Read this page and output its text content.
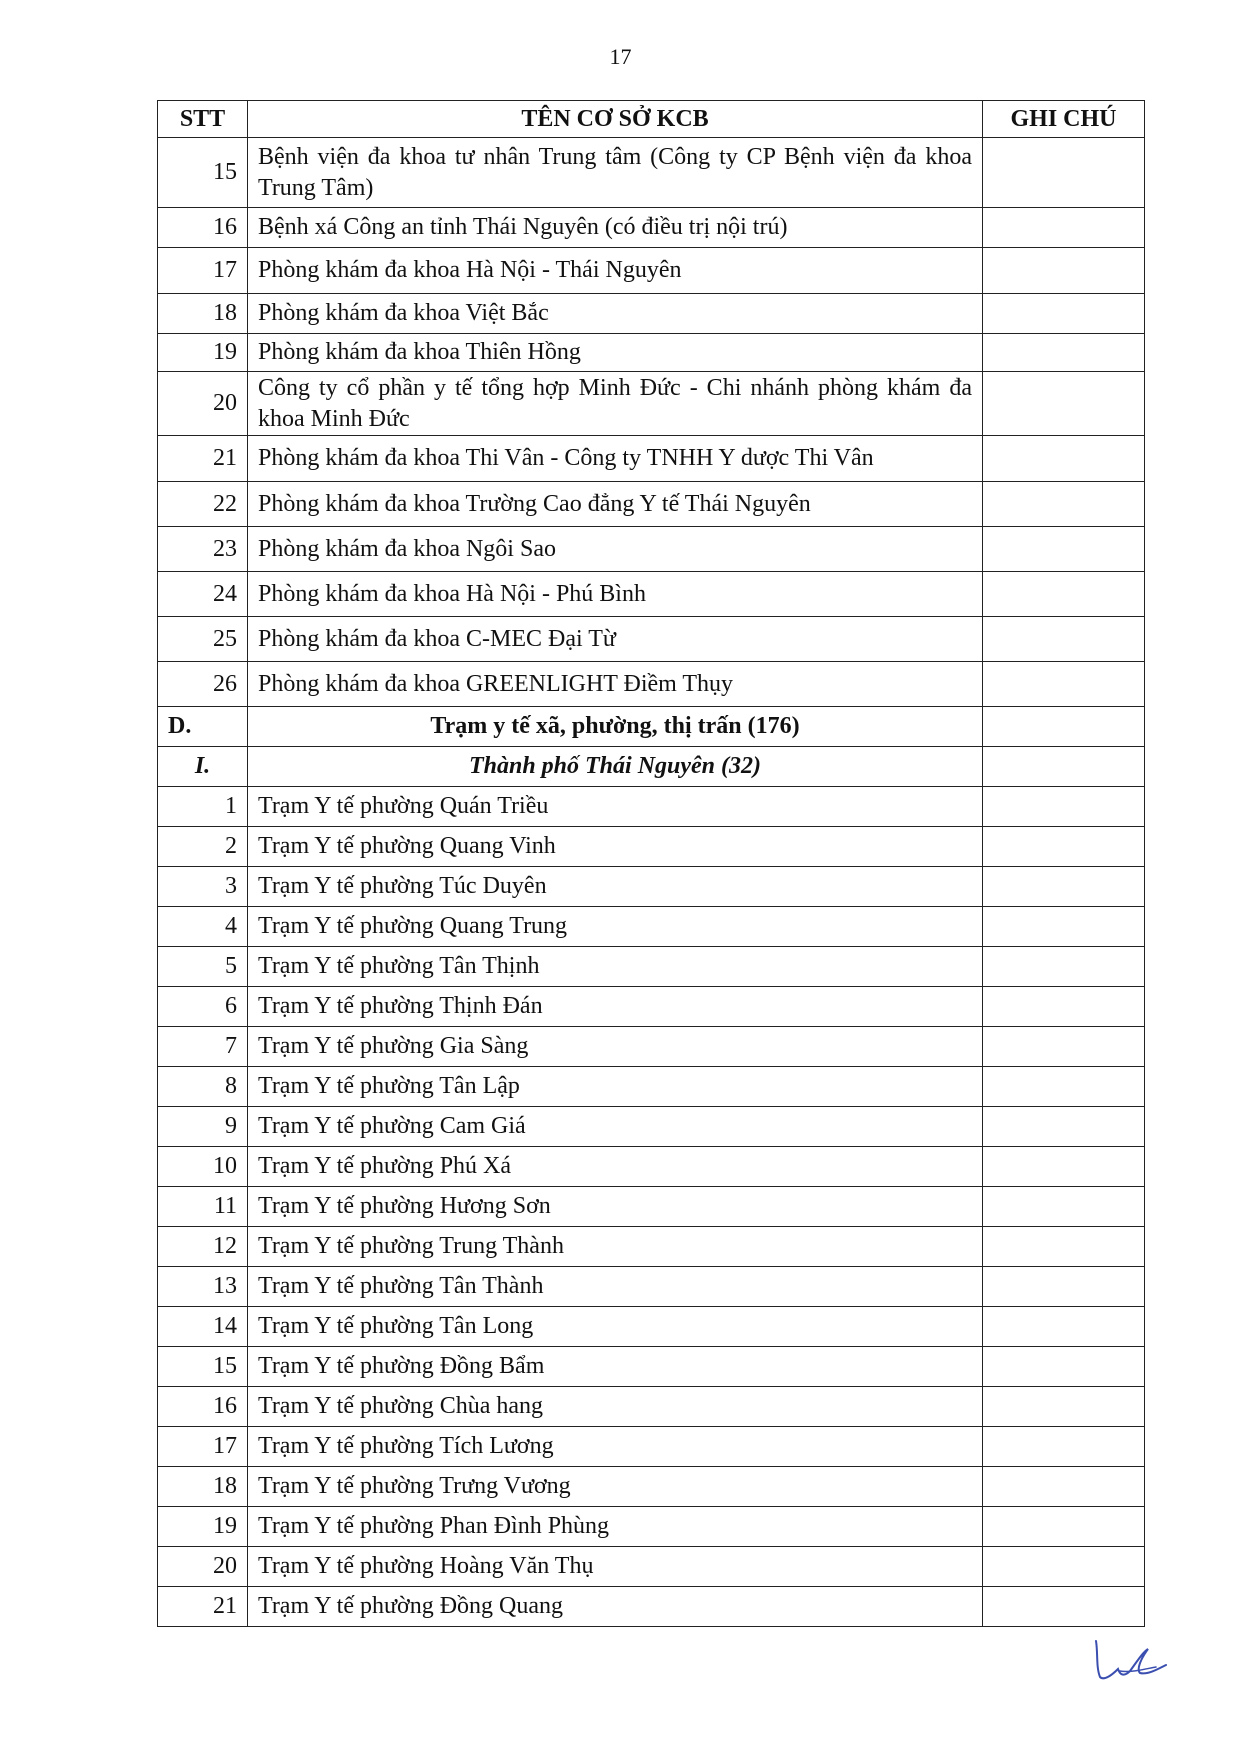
17
STT	TÊN CƠ SỞ KCB	GHI CHÚ
15	Bệnh viện đa khoa tư nhân Trung tâm (Công ty CP Bệnh viện đa khoa Trung Tâm)	
16	Bệnh xá Công an tỉnh Thái Nguyên (có điều trị nội trú)	
17	Phòng khám đa khoa Hà Nội - Thái Nguyên	
18	Phòng khám đa khoa Việt Bắc	
19	Phòng khám đa khoa Thiên Hồng	
20	Công ty cổ phần y tế tổng hợp Minh Đức - Chi nhánh phòng khám đa khoa Minh Đức	
21	Phòng khám đa khoa Thi Vân - Công ty TNHH Y dược Thi Vân	
22	Phòng khám đa khoa Trường Cao đẳng Y tế Thái Nguyên	
23	Phòng khám đa khoa Ngôi Sao	
24	Phòng khám đa khoa Hà Nội - Phú Bình	
25	Phòng khám đa khoa C-MEC Đại Từ	
26	Phòng khám đa khoa GREENLIGHT Điềm Thụy	
D.	Trạm y tế xã, phường, thị trấn (176)	
I.	Thành phố Thái Nguyên (32)	
1	Trạm Y tế phường Quán Triều	
2	Trạm Y tế phường Quang Vinh	
3	Trạm Y tế phường Túc Duyên	
4	Trạm Y tế phường Quang Trung	
5	Trạm Y tế phường Tân Thịnh	
6	Trạm Y tế phường Thịnh Đán	
7	Trạm Y tế phường Gia Sàng	
8	Trạm Y tế phường Tân Lập	
9	Trạm Y tế phường Cam Giá	
10	Trạm Y tế phường Phú Xá	
11	Trạm Y tế phường Hương Sơn	
12	Trạm Y tế phường Trung Thành	
13	Trạm Y tế phường Tân Thành	
14	Trạm Y tế phường Tân Long	
15	Trạm Y tế phường Đồng Bẩm	
16	Trạm Y tế phường Chùa hang	
17	Trạm Y tế phường Tích Lương	
18	Trạm Y tế phường Trưng Vương	
19	Trạm Y tế phường Phan Đình Phùng	
20	Trạm Y tế phường Hoàng Văn Thụ	
21	Trạm Y tế phường Đồng Quang	
